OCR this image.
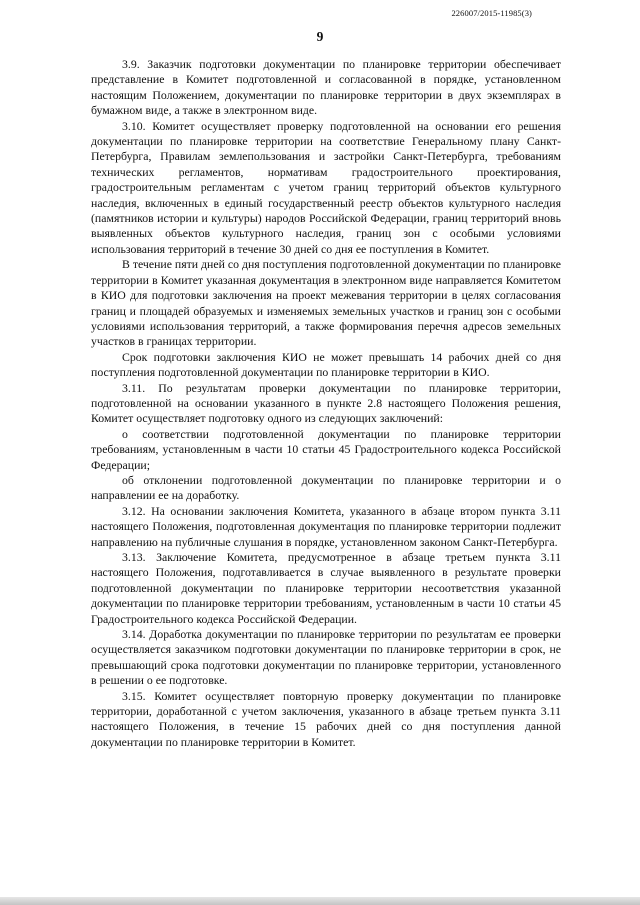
226007/2015-11985(3)
9

3.9. Заказчик подготовки документации по планировке территории обеспечивает представление в Комитет подготовленной и согласованной в порядке, установленном настоящим Положением, документации по планировке территории в двух экземплярах в бумажном виде, а также в электронном виде.

3.10. Комитет осуществляет проверку подготовленной на основании его решения документации по планировке территории на соответствие Генеральному плану Санкт-Петербурга, Правилам землепользования и застройки Санкт-Петербурга, требованиям технических регламентов, нормативам градостроительного проектирования, градостроительным регламентам с учетом границ территорий объектов культурного наследия, включенных в единый государственный реестр объектов культурного наследия (памятников истории и культуры) народов Российской Федерации, границ территорий вновь выявленных объектов культурного наследия, границ зон с особыми условиями использования территорий в течение 30 дней со дня ее поступления в Комитет.

В течение пяти дней со дня поступления подготовленной документации по планировке территории в Комитет указанная документация в электронном виде направляется Комитетом в КИО для подготовки заключения на проект межевания территории в целях согласования границ и площадей образуемых и изменяемых земельных участков и границ зон с особыми условиями использования территорий, а также формирования перечня адресов земельных участков в границах территории.

Срок подготовки заключения КИО не может превышать 14 рабочих дней со дня поступления подготовленной документации по планировке территории в КИО.

3.11. По результатам проверки документации по планировке территории, подготовленной на основании указанного в пункте 2.8 настоящего Положения решения, Комитет осуществляет подготовку одного из следующих заключений:

о соответствии подготовленной документации по планировке территории требованиям, установленным в части 10 статьи 45 Градостроительного кодекса Российской Федерации;

об отклонении подготовленной документации по планировке территории и о направлении ее на доработку.

3.12. На основании заключения Комитета, указанного в абзаце втором пункта 3.11 настоящего Положения, подготовленная документация по планировке территории подлежит направлению на публичные слушания в порядке, установленном законом Санкт-Петербурга.

3.13. Заключение Комитета, предусмотренное в абзаце третьем пункта 3.11 настоящего Положения, подготавливается в случае выявленного в результате проверки подготовленной документации по планировке территории несоответствия указанной документации по планировке территории требованиям, установленным в части 10 статьи 45 Градостроительного кодекса Российской Федерации.

3.14. Доработка документации по планировке территории по результатам ее проверки осуществляется заказчиком подготовки документации по планировке территории в срок, не превышающий срока подготовки документации по планировке территории, установленного в решении о ее подготовке.

3.15. Комитет осуществляет повторную проверку документации по планировке территории, доработанной с учетом заключения, указанного в абзаце третьем пункта 3.11 настоящего Положения, в течение 15 рабочих дней со дня поступления данной документации по планировке территории в Комитет.
